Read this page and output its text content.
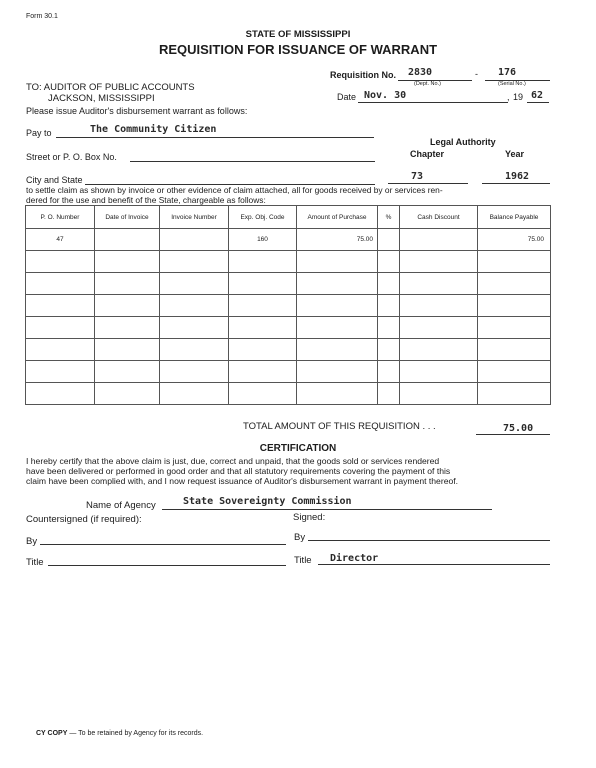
Form 30.1
STATE OF MISSISSIPPI
REQUISITION FOR ISSUANCE OF WARRANT
Requisition No. 2830	- 176
(Dept. No.)	(Serial No.)
Date Nov. 30	19 62
,
TO: AUDITOR OF PUBLIC ACCOUNTS
JACKSON, MISSISSIPPI
Please issue Auditor's disbursement warrant as follows:
Pay to	The Community Citizen
Legal Authority
Chapter	Year
Street or P. O. Box No.
City and State	73	1962
to settle claim as shown by invoice or other evidence of claim attached, all for goods received by or services ren-
dered for the use and benefit of the State, chargeable as follows:
P. O. Number	Date of Invoice	Invoice Number	Exp. Obj. Code	Amount of Purchase	%	Cash Discount	Balance Payable
47			160	75.00			75.00

TOTAL AMOUNT OF THIS REQUISITION . . .	75.00
CERTIFICATION
I hereby certify that the above claim is just, due, correct and unpaid, that the goods sold or services rendered
have been delivered or performed in good order and that all statutory requirements covering the payment of this
claim have been complied with, and I now request issuance of Auditor's disbursement warrant in payment thereof.
Name of Agency	State Sovereignty Commission
Countersigned (if required):	Signed:
By	By
Title	Title Director
CY COPY — To be retained by Agency for its records.
